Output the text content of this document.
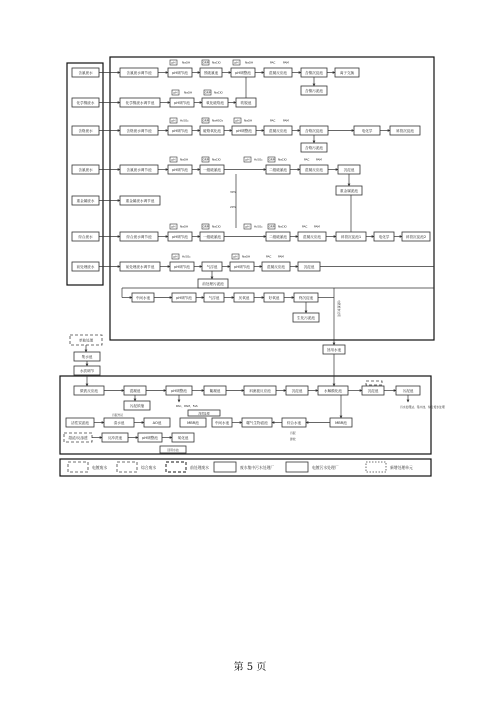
含氰废水
化学镍废水
含铬废水
含氰废水
重金属废水
综合废水
前处理废水
含氰废水调节池	pH调节池	预破氰池	pH调整池	混凝反应池	含镍沉淀池	离子交换
含镍污泥池
pH NaOH	ORP NaClO	pH NaOH	PAC	PAM
化学镍废水调节池	pH调节池	氧化破络池	吹脱池
pH NaOH	ORP NaClO
含铬废水调节池	pH调节池	破铬氧化池	pH调整池	混凝反应池	含铬沉淀池	电化学	斜管沉淀池
含铬污泥池
pH H₂SO₄	ORP NaHSO₃	pH NaOH	PAC	PAM
含氰废水调节池	pH调节池	一级破氰池	二级破氰池	混凝反应池	沉淀池
重金属泥池
pH NaOH	ORP NaClO	pH H₂SO₄	ORP NaClO	PAC PAM
30%
20%
重金属废水调节池
综合废水调节池	pH调节池	一级破氰池	二级破氰池	混凝反应池	斜管沉淀池1	电化学	斜管沉淀池2
pH NaOH	ORP NaClO	pH H₂SO₄	ORP NaClO	PAC PAM
前处理废水调节池	pH调节池	气浮池	pH调节池	混凝反应池	沉淀池
前处理污泥池
pH H₂SO₄	pH NaOH	PAC PAM
中间水池	pH调节池	气浮池	厌氧池	好氧池	终沉淀池
生化污泥池
电镀废水处理
单独处理
回用水池
集水池
水质调节
微波反应池	混凝池	pH调整池	絮凝池	斜流板反应池	沉淀池	水解酸化池	沉淀池	污泥池
污水处理站、集中池、综合废水处理
PAC、PAM、FeS
污泥浓缩
污泥外运
活性炭滤池	清水池	AO池	MBR池	中间水池	曝气生物滤池	综合水池	MBR池
深度处理
超滤/反渗透	反冲洗池	pH调整池	氧化池
回用水池
污泥
排放
电镀废水	综合废水	前处理废水	废水集中污水处理厂	电镀污水处理厂	新增处理单元
第 5 页
